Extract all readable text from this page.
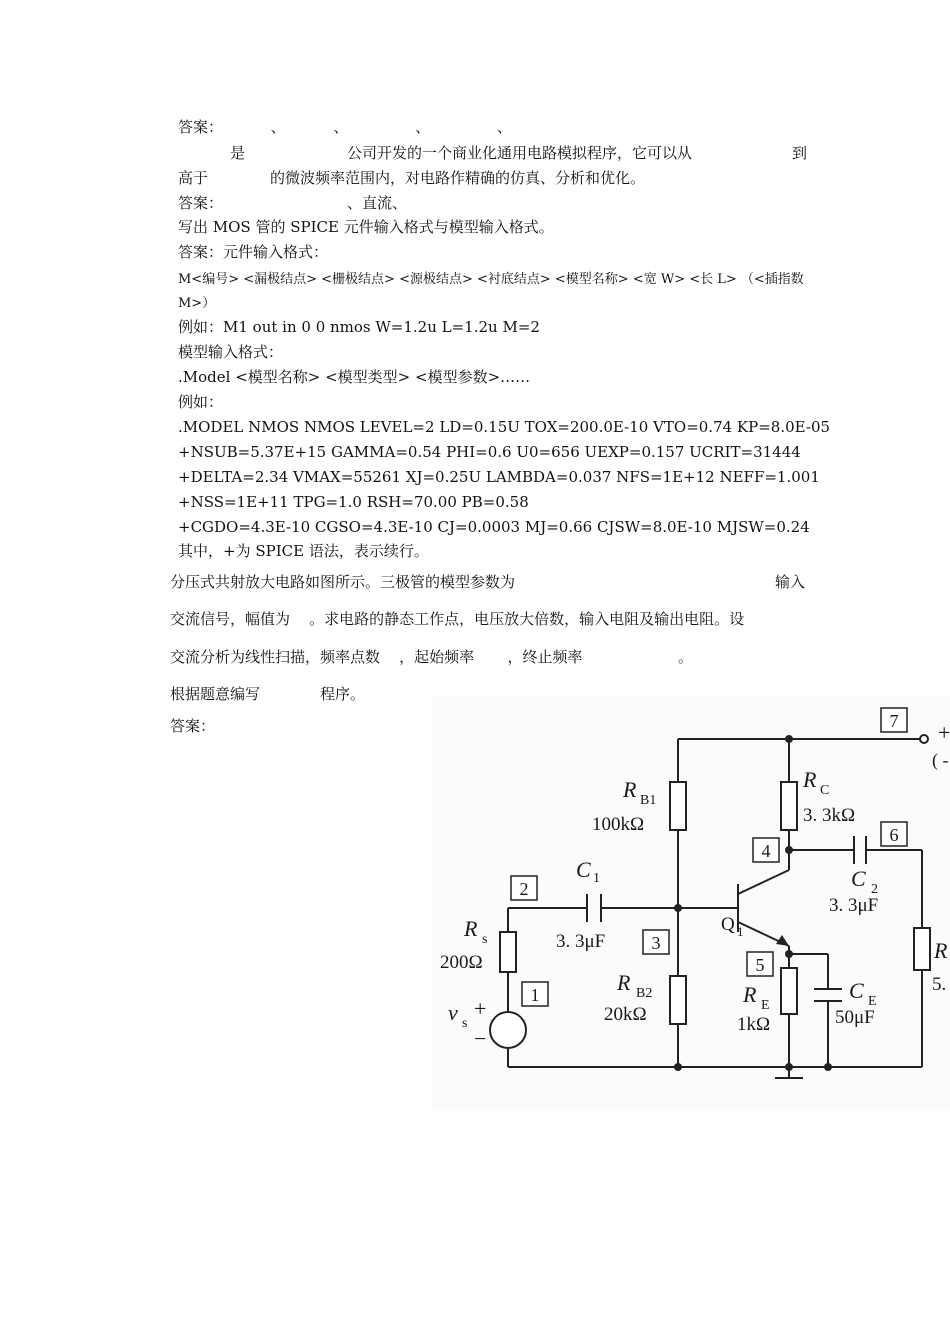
答案：          、          、              、              、
是	公司开发的一个商业化通用电路模拟程序，它可以从	到
高于	的微波频率范围内，对电路作精确的仿真、分析和优化。
答案：                          、直流、
写出 MOS 管的 SPICE 元件输入格式与模型输入格式。
答案：元件输入格式：
M<编号> <漏极结点> <栅极结点> <源极结点> <衬底结点> <模型名称> <宽 W> <长 L> （<插指数
M>）
例如：M1 out in 0 0 nmos W=1.2u L=1.2u M=2
模型输入格式：
.Model <模型名称> <模型类型> <模型参数>……
例如：
.MODEL NMOS NMOS LEVEL=2 LD=0.15U TOX=200.0E-10 VTO=0.74 KP=8.0E-05
+NSUB=5.37E+15 GAMMA=0.54 PHI=0.6 U0=656 UEXP=0.157 UCRIT=31444
+DELTA=2.34 VMAX=55261 XJ=0.25U LAMBDA=0.037 NFS=1E+12 NEFF=1.001
+NSS=1E+11 TPG=1.0 RSH=70.00 PB=0.58
+CGDO=4.3E-10 CGSO=4.3E-10 CJ=0.0003 MJ=0.66 CJSW=8.0E-10 MJSW=0.24
其中，+为 SPICE 语法，表示续行。
分压式共射放大电路如图所示。三极管的模型参数为	输入
交流信号，幅值为    。求电路的静态工作点，电压放大倍数，输入电阻及输出电阻。设
交流分析为线性扫描，频率点数    ，起始频率       ，终止频率	。
根据题意编写	程序。
答案：	7
6
4
2
3
5
1
+
( -
R B1
100kΩ
R C
3. 3kΩ
C 1
3. 3μF
C 2
3. 3μF
Q 1
R s
200Ω
R B2
20kΩ
R E
1kΩ
C E
50μF
v s
+
−
R
5.
